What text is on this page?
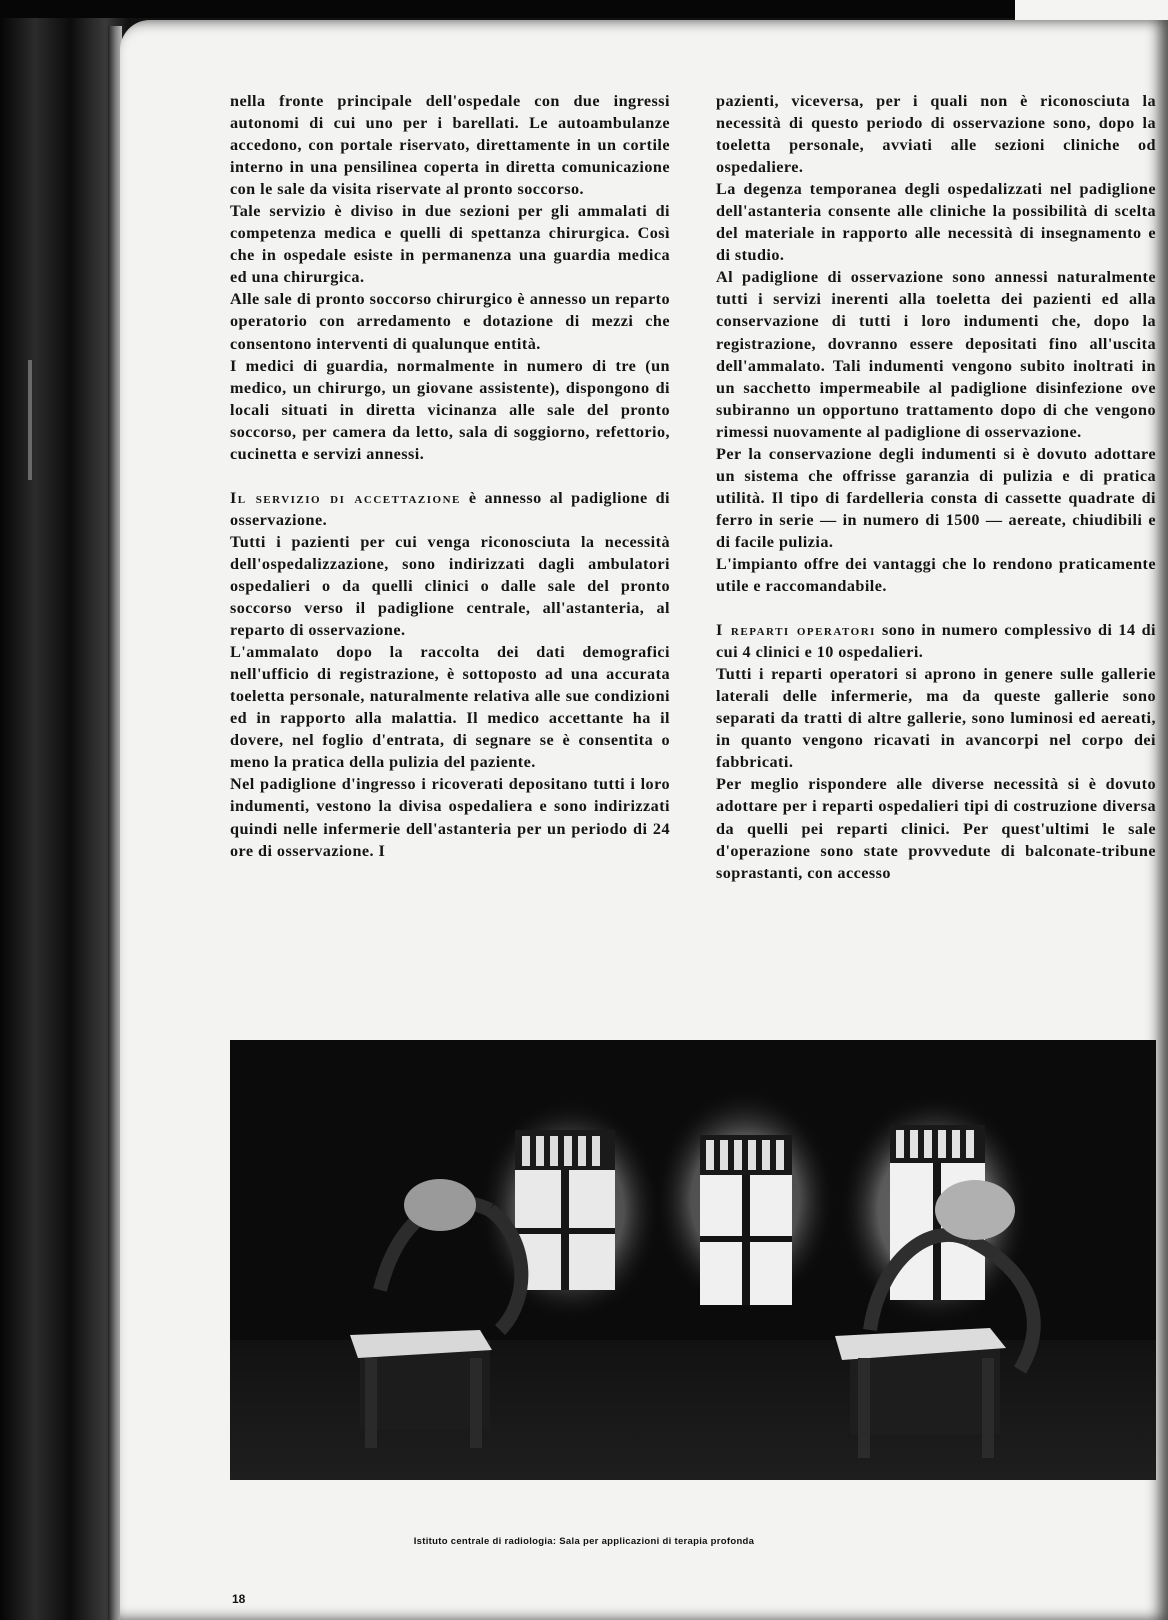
nella fronte principale dell'ospedale con due ingressi autonomi di cui uno per i barellati. Le autoambulanze accedono, con portale riservato, direttamente in un cortile interno in una pensilinea coperta in diretta comunicazione con le sale da visita riservate al pronto soccorso.

Tale servizio è diviso in due sezioni per gli ammalati di competenza medica e quelli di spettanza chirurgica. Così che in ospedale esiste in permanenza una guardia medica ed una chirurgica.

Alle sale di pronto soccorso chirurgico è annesso un reparto operatorio con arredamento e dotazione di mezzi che consentono interventi di qualunque entità.

I medici di guardia, normalmente in numero di tre (un medico, un chirurgo, un giovane assistente), dispongono di locali situati in diretta vicinanza alle sale del pronto soccorso, per camera da letto, sala di soggiorno, refettorio, cucinetta e servizi annessi.

Il servizio di accettazione è annesso al padiglione di osservazione.

Tutti i pazienti per cui venga riconosciuta la necessità dell'ospedalizzazione, sono indirizzati dagli ambulatori ospedalieri o da quelli clinici o dalle sale del pronto soccorso verso il padiglione centrale, all'astanteria, al reparto di osservazione.

L'ammalato dopo la raccolta dei dati demografici nell'ufficio di registrazione, è sottoposto ad una accurata toeletta personale, naturalmente relativa alle sue condizioni ed in rapporto alla malattia. Il medico accettante ha il dovere, nel foglio d'entrata, di segnare se è consentita o meno la pratica della pulizia del paziente.

Nel padiglione d'ingresso i ricoverati depositano tutti i loro indumenti, vestono la divisa ospedaliera e sono indirizzati quindi nelle infermerie dell'astanteria per un periodo di 24 ore di osservazione. I

pazienti, viceversa, per i quali non è riconosciuta la necessità di questo periodo di osservazione sono, dopo la toeletta personale, avviati alle sezioni cliniche od ospedaliere.

La degenza temporanea degli ospedalizzati nel padiglione dell'astanteria consente alle cliniche la possibilità di scelta del materiale in rapporto alle necessità di insegnamento e di studio.

Al padiglione di osservazione sono annessi naturalmente tutti i servizi inerenti alla toeletta dei pazienti ed alla conservazione di tutti i loro indumenti che, dopo la registrazione, dovranno essere depositati fino all'uscita dell'ammalato. Tali indumenti vengono subito inoltrati in un sacchetto impermeabile al padiglione disinfezione ove subiranno un opportuno trattamento dopo di che vengono rimessi nuovamente al padiglione di osservazione.

Per la conservazione degli indumenti si è dovuto adottare un sistema che offrisse garanzia di pulizia e di pratica utilità. Il tipo di fardelleria consta di cassette quadrate di ferro in serie — in numero di 1500 — aereate, chiudibili e di facile pulizia.

L'impianto offre dei vantaggi che lo rendono praticamente utile e raccomandabile.

I reparti operatori sono in numero complessivo di 14 di cui 4 clinici e 10 ospedalieri.

Tutti i reparti operatori si aprono in genere sulle gallerie laterali delle infermerie, ma da queste gallerie sono separati da tratti di altre gallerie, sono luminosi ed aereati, in quanto vengono ricavati in avancorpi nel corpo dei fabbricati.

Per meglio rispondere alle diverse necessità si è dovuto adottare per i reparti ospedalieri tipi di costruzione diversa da quelli pei reparti clinici. Per quest'ultimi le sale d'operazione sono state provvedute di balconate-tribune soprastanti, con accesso

Istituto centrale di radiologia: Sala per applicazioni di terapia profonda
18
